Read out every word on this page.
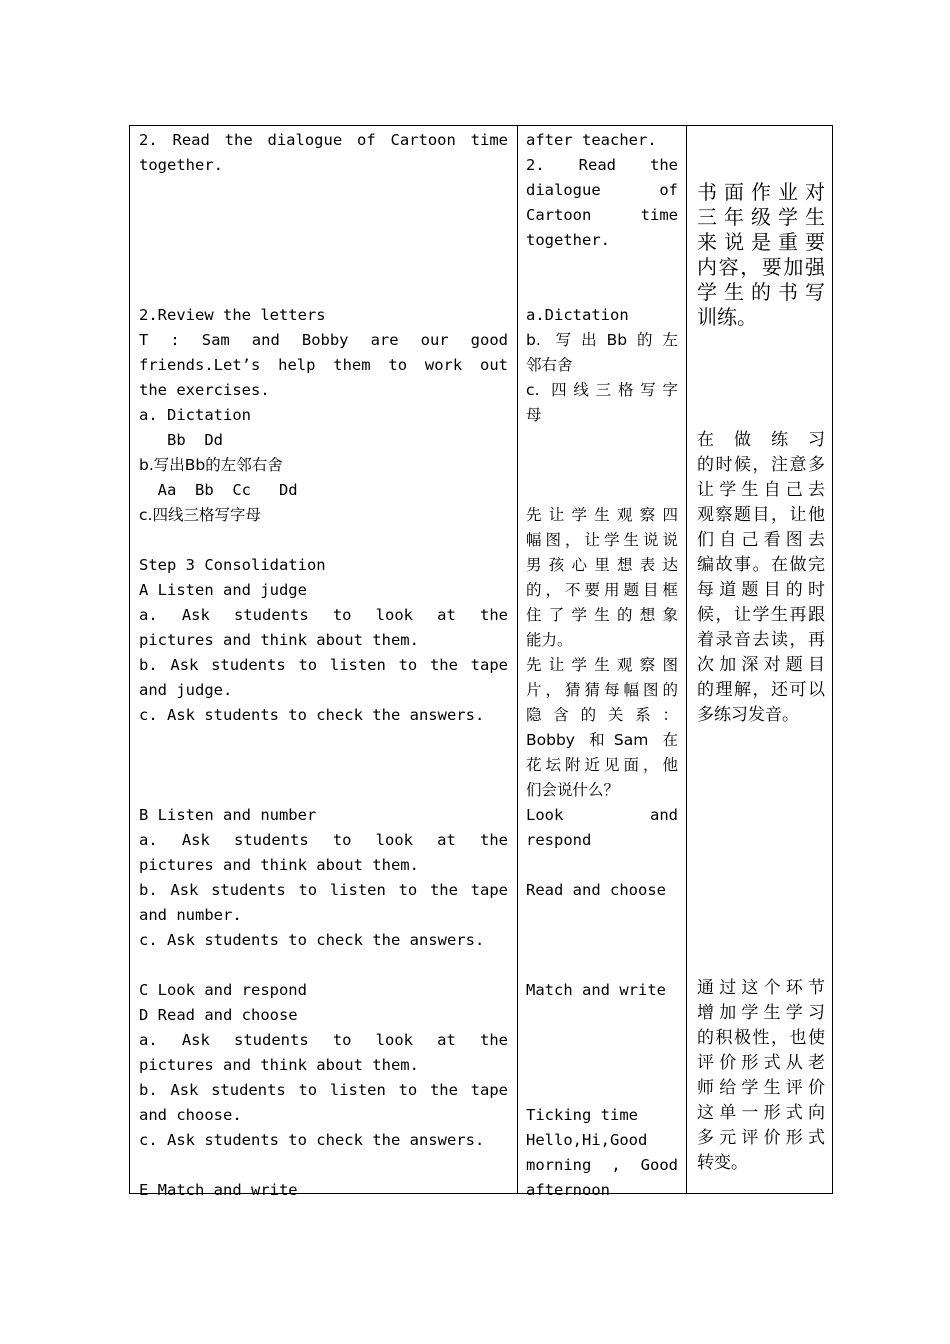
2. Read the dialogue of Cartoon time
together.
2.Review the letters
T : Sam and Bobby are our good
friends.Let’s help them to work out
the exercises.
a. Dictation
Bb  Dd
b.写出Bb的左邻右舍
Aa  Bb  Cc   Dd
c.四线三格写字母
Step 3 Consolidation
A Listen and judge
a. Ask students to look at the
pictures and think about them.
b. Ask students to listen to the tape
and judge.
c. Ask students to check the answers.
B Listen and number
a. Ask students to look at the
pictures and think about them.
b. Ask students to listen to the tape
and number.
c. Ask students to check the answers.
C Look and respond
D Read and choose
a. Ask students to look at the
pictures and think about them.
b. Ask students to listen to the tape
and choose.
c. Ask students to check the answers.
E Match and write
after teacher.
2. Read the
dialogue of
Cartoon time
together.
a.Dictation
b. 写出Bb的左
邻右舍
c. 四线三格写字
母
先让学生观察四
幅图，让学生说说
男孩心里想表达
的，不要用题目框
住了学生的想象
能力。
先让学生观察图
片，猜猜每幅图的
隐 含 的 关 系 ：
Bobby 和Sam 在
花坛附近见面，他
们会说什么？
Look and
respond
Read and choose
Match and write
Ticking time
Hello,Hi,Good
morning , Good
afternoon
书面作业对
三年级学生
来说是重要
内容，要加强
学生的书写
训练。
在做练习
的时候，注意多
让学生自己去
观察题目，让他
们自己看图去
编故事。在做完
每道题目的时
候，让学生再跟
着录音去读，再
次加深对题目
的理解，还可以
多练习发音。
通过这个环节
增加学生学习
的积极性，也使
评价形式从老
师给学生评价
这单一形式向
多元评价形式
转变。
